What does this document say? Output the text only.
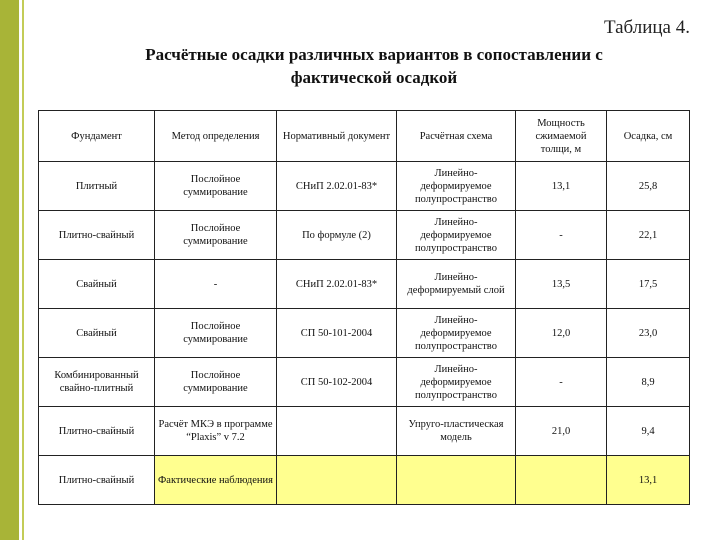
Таблица 4.
Расчётные осадки различных вариантов в сопоставлении с
фактической осадкой
Фундамент	Метод определения	Нормативный документ	Расчётная схема	Мощность сжимаемой толщи, м	Осадка, см
Плитный	Послойное суммирование	СНиП 2.02.01-83*	Линейно-деформируемое полупространство	13,1	25,8
Плитно-свайный	Послойное суммирование	По формуле (2)	Линейно-деформируемое полупространство	-	22,1
Свайный	-	СНиП 2.02.01-83*	Линейно-деформируемый слой	13,5	17,5
Свайный	Послойное суммирование	СП 50-101-2004	Линейно-деформируемое полупространство	12,0	23,0
Комбинированный свайно-плитный	Послойное суммирование	СП 50-102-2004	Линейно-деформируемое полупространство	-	8,9
Плитно-свайный	Расчёт МКЭ в программе “Plaxis” v 7.2		Упруго-пластическая модель	21,0	9,4
Плитно-свайный	Фактические наблюдения				13,1
